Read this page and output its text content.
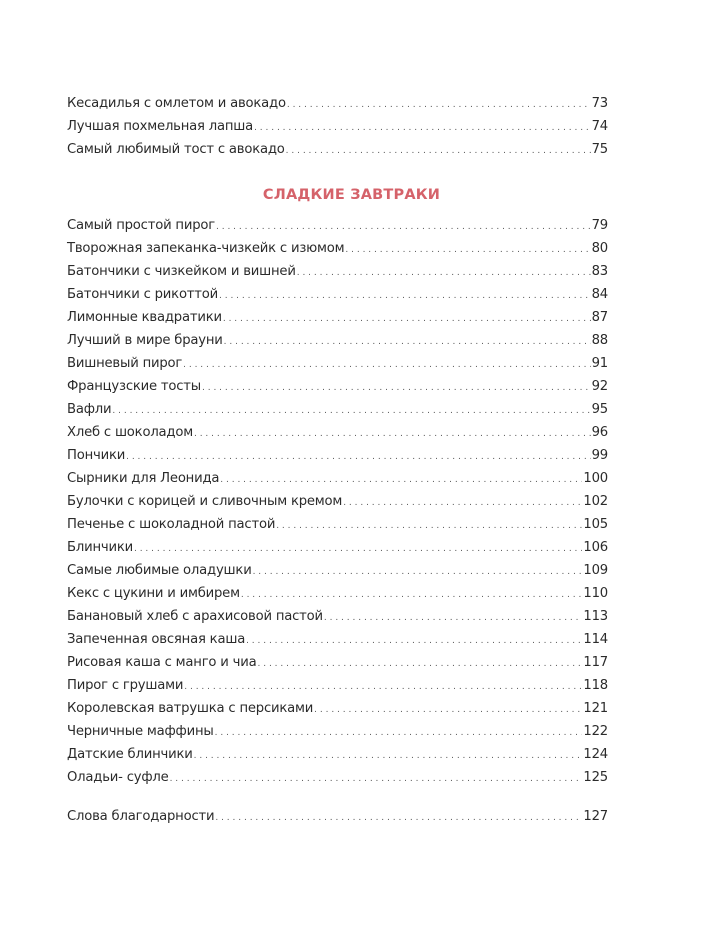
Кесадилья с омлетом и авокадо . . .	73
Лучшая похмельная лапша . . .	74
Самый любимый тост с авокадо . . .	75
СЛАДКИЕ ЗАВТРАКИ
Самый простой пирог . . .	79
Творожная запеканка-чизкейк с изюмом . . .	80
Батончики с чизкейком и вишней . . .	83
Батончики с рикоттой . . .	84
Лимонные квадратики . . .	87
Лучший в мире брауни . . .	88
Вишневый пирог . . .	91
Французские тосты . . .	92
Вафли . . .	95
Хлеб с шоколадом . . .	96
Пончики . . .	99
Сырники для Леонида . . .	100
Булочки с корицей и сливочным кремом . . .	102
Печенье с шоколадной пастой . . .	105
Блинчики . . .	106
Самые любимые оладушки . . .	109
Кекс с цукини и имбирем . . .	110
Банановый хлеб с арахисовой пастой . . .	113
Запеченная овсяная каша . . .	114
Рисовая каша с манго и чиа . . .	117
Пирог с грушами . . .	118
Королевская ватрушка с персиками . . .	121
Черничные маффины . . .	122
Датские блинчики . . .	124
Оладьи- суфле . . .	125
Слова благодарности . . .	127
